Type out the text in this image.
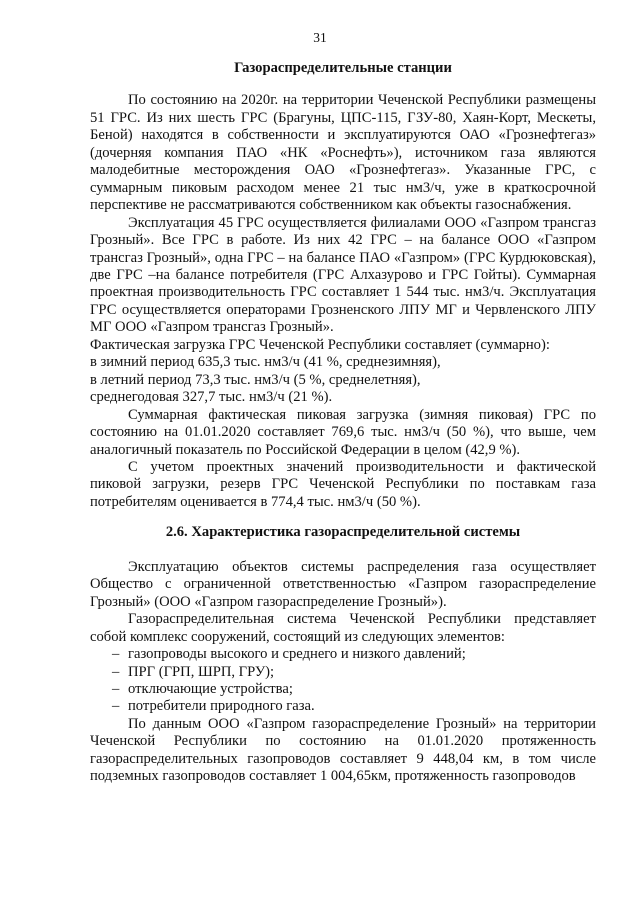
31
Газораспределительные станции

По состоянию на 2020г. на территории Чеченской Республики размещены 51 ГРС. Из них шесть ГРС (Брагуны, ЦПС-115, ГЗУ-80, Хаян-Корт, Мескеты, Беной) находятся в собственности и эксплуатируются ОАО «Грознефтегаз» (дочерняя компания ПАО «НК «Роснефть»), источником газа являются малодебитные месторождения ОАО «Грознефтегаз». Указанные ГРС, с суммарным пиковым расходом менее 21 тыс нм3/ч, уже в краткосрочной перспективе не рассматриваются собственником как объекты газоснабжения.

Эксплуатация 45 ГРС осуществляется филиалами ООО «Газпром трансгаз Грозный». Все ГРС в работе. Из них 42 ГРС – на балансе ООО «Газпром трансгаз Грозный», одна ГРС – на балансе ПАО «Газпром» (ГРС Курдюковская), две ГРС –на балансе потребителя (ГРС Алхазурово и ГРС Гойты). Суммарная проектная производительность ГРС составляет 1 544 тыс. нм3/ч. Эксплуатация ГРС осуществляется операторами Грозненского ЛПУ МГ и Червленского ЛПУ МГ ООО «Газпром трансгаз Грозный».

Фактическая загрузка ГРС Чеченской Республики составляет (суммарно):

в зимний период 635,3 тыс. нм3/ч (41 %, среднезимняя),

в летний период 73,3 тыс. нм3/ч (5 %, среднелетняя),

среднегодовая 327,7 тыс. нм3/ч (21 %).

Суммарная фактическая пиковая загрузка (зимняя пиковая) ГРС по состоянию на 01.01.2020 составляет 769,6 тыс. нм3/ч (50 %), что выше, чем аналогичный показатель по Российской Федерации в целом (42,9 %).

С учетом проектных значений производительности и фактической пиковой загрузки, резерв ГРС Чеченской Республики по поставкам газа потребителям оценивается в 774,4 тыс. нм3/ч (50 %).

2.6. Характеристика газораспределительной системы

Эксплуатацию объектов системы распределения газа осуществляет Общество с ограниченной ответственностью «Газпром газораспределение Грозный» (ООО «Газпром газораспределение Грозный»).

Газораспределительная система Чеченской Республики представляет собой комплекс сооружений, состоящий из следующих элементов:

– газопроводы высокого и среднего и низкого давлений;
– ПРГ (ГРП, ШРП, ГРУ);
– отключающие устройства;
– потребители природного газа.

По данным ООО «Газпром газораспределение Грозный» на территории Чеченской Республики по состоянию на 01.01.2020 протяженность газораспределительных газопроводов составляет 9 448,04 км, в том числе подземных газопроводов составляет 1 004,65км, протяженность газопроводов
